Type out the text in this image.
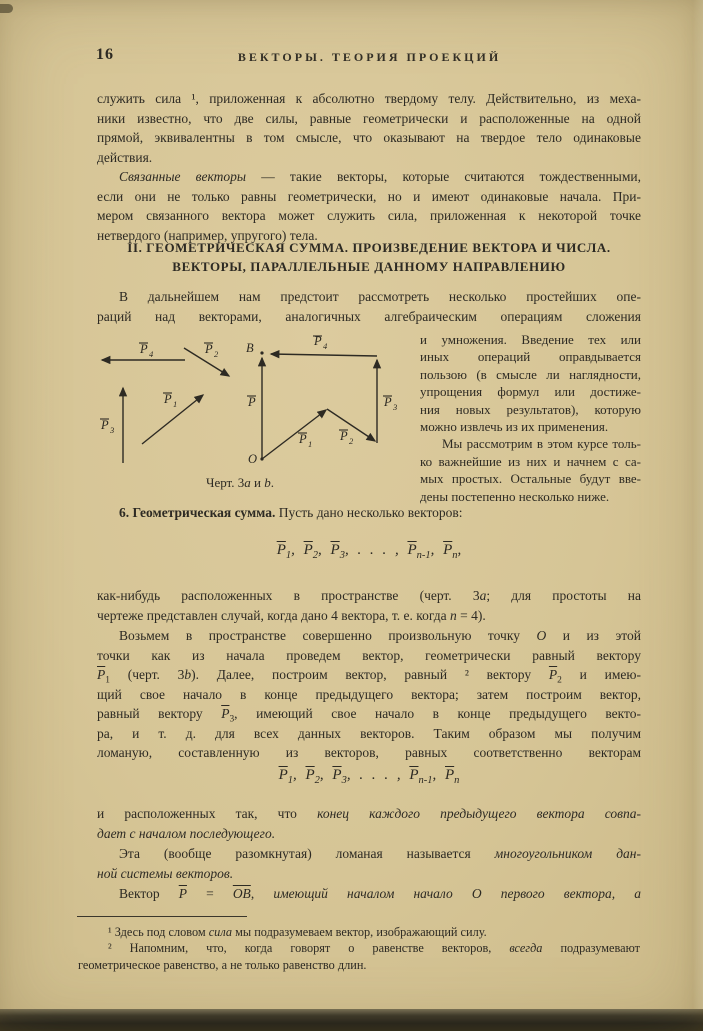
16	ВЕКТОРЫ. ТЕОРИЯ ПРОЕКЦИЙ
служить сила ¹, приложенная к абсолютно твердому телу. Действительно, из меха-
ники известно, что две силы, равные геометрически и расположенные на одной
прямой, эквивалентны в том смысле, что оказывают на твердое тело одинаковые
действия.
Связанные векторы — такие векторы, которые считаются тождественными,
если они не только равны геометрически, но и имеют одинаковые начала. При-
мером связанного вектора может служить сила, приложенная к некоторой точке
нетвердого (например, упругого) тела.
II. ГЕОМЕТРИЧЕСКАЯ СУММА. ПРОИЗВЕДЕНИЕ ВЕКТОРА И ЧИСЛА.
ВЕКТОРЫ, ПАРАЛЛЕЛЬНЫЕ ДАННОМУ НАПРАВЛЕНИЮ
В дальнейшем нам предстоит рассмотреть несколько простейших опе-
раций над векторами, аналогичных алгебраическим операциям сложения
P 4	P 2
P 1
P 3
P
P 1
P 2
P 3
P 4
B
O
Черт. 3a и b.
и умножения. Введение тех или
иных операций оправдывается
пользою (в смысле ли наглядности,
упрощения формул или достиже-
ния новых результатов), которую
можно извлечь из их применения.
Мы рассмотрим в этом курсе толь-
ко важнейшие из них и начнем с са-
мых простых. Остальные будут вве-
дены постепенно несколько ниже.
6. Геометрическая сумма. Пусть дано несколько векторов:
$\overline{P}_1$, $\overline{P}_2$, $\overline{P}_3$, . . . , $\overline{P}_{n-1}$, $\overline{P}_n$,
как-нибудь расположенных в пространстве (черт. 3a; для простоты на
чертеже представлен случай, когда дано 4 вектора, т. е. когда n = 4).
Возьмем в пространстве совершенно произвольную точку O и из этой
точки как из начала проведем вектор, геометрически равный вектору
$\overline{P}_1$ (черт. 3b). Далее, построим вектор, равный ² вектору $\overline{P}_2$ и имею-
щий свое начало в конце предыдущего вектора; затем построим вектор,
равный вектору $\overline{P}_3$, имеющий свое начало в конце предыдущего векто-
ра, и т. д. для всех данных векторов. Таким образом мы получим
ломаную, составленную из векторов, равных соответственно векторам
$\overline{P}_1$, $\overline{P}_2$, $\overline{P}_3$, . . . , $\overline{P}_{n-1}$, $\overline{P}_n$
и расположенных так, что конец каждого предыдущего вектора совпа-
дает с началом последующего.
Эта (вообще разомкнутая) ломаная называется многоугольником дан-
ной системы векторов.
Вектор $\overline{P} = \overline{OB}$, имеющий началом начало O первого вектора, а
¹ Здесь под словом сила мы подразумеваем вектор, изображающий силу.
² Напомним, что, когда говорят о равенстве векторов, всегда подразумевают
геометрическое равенство, а не только равенство длин.
